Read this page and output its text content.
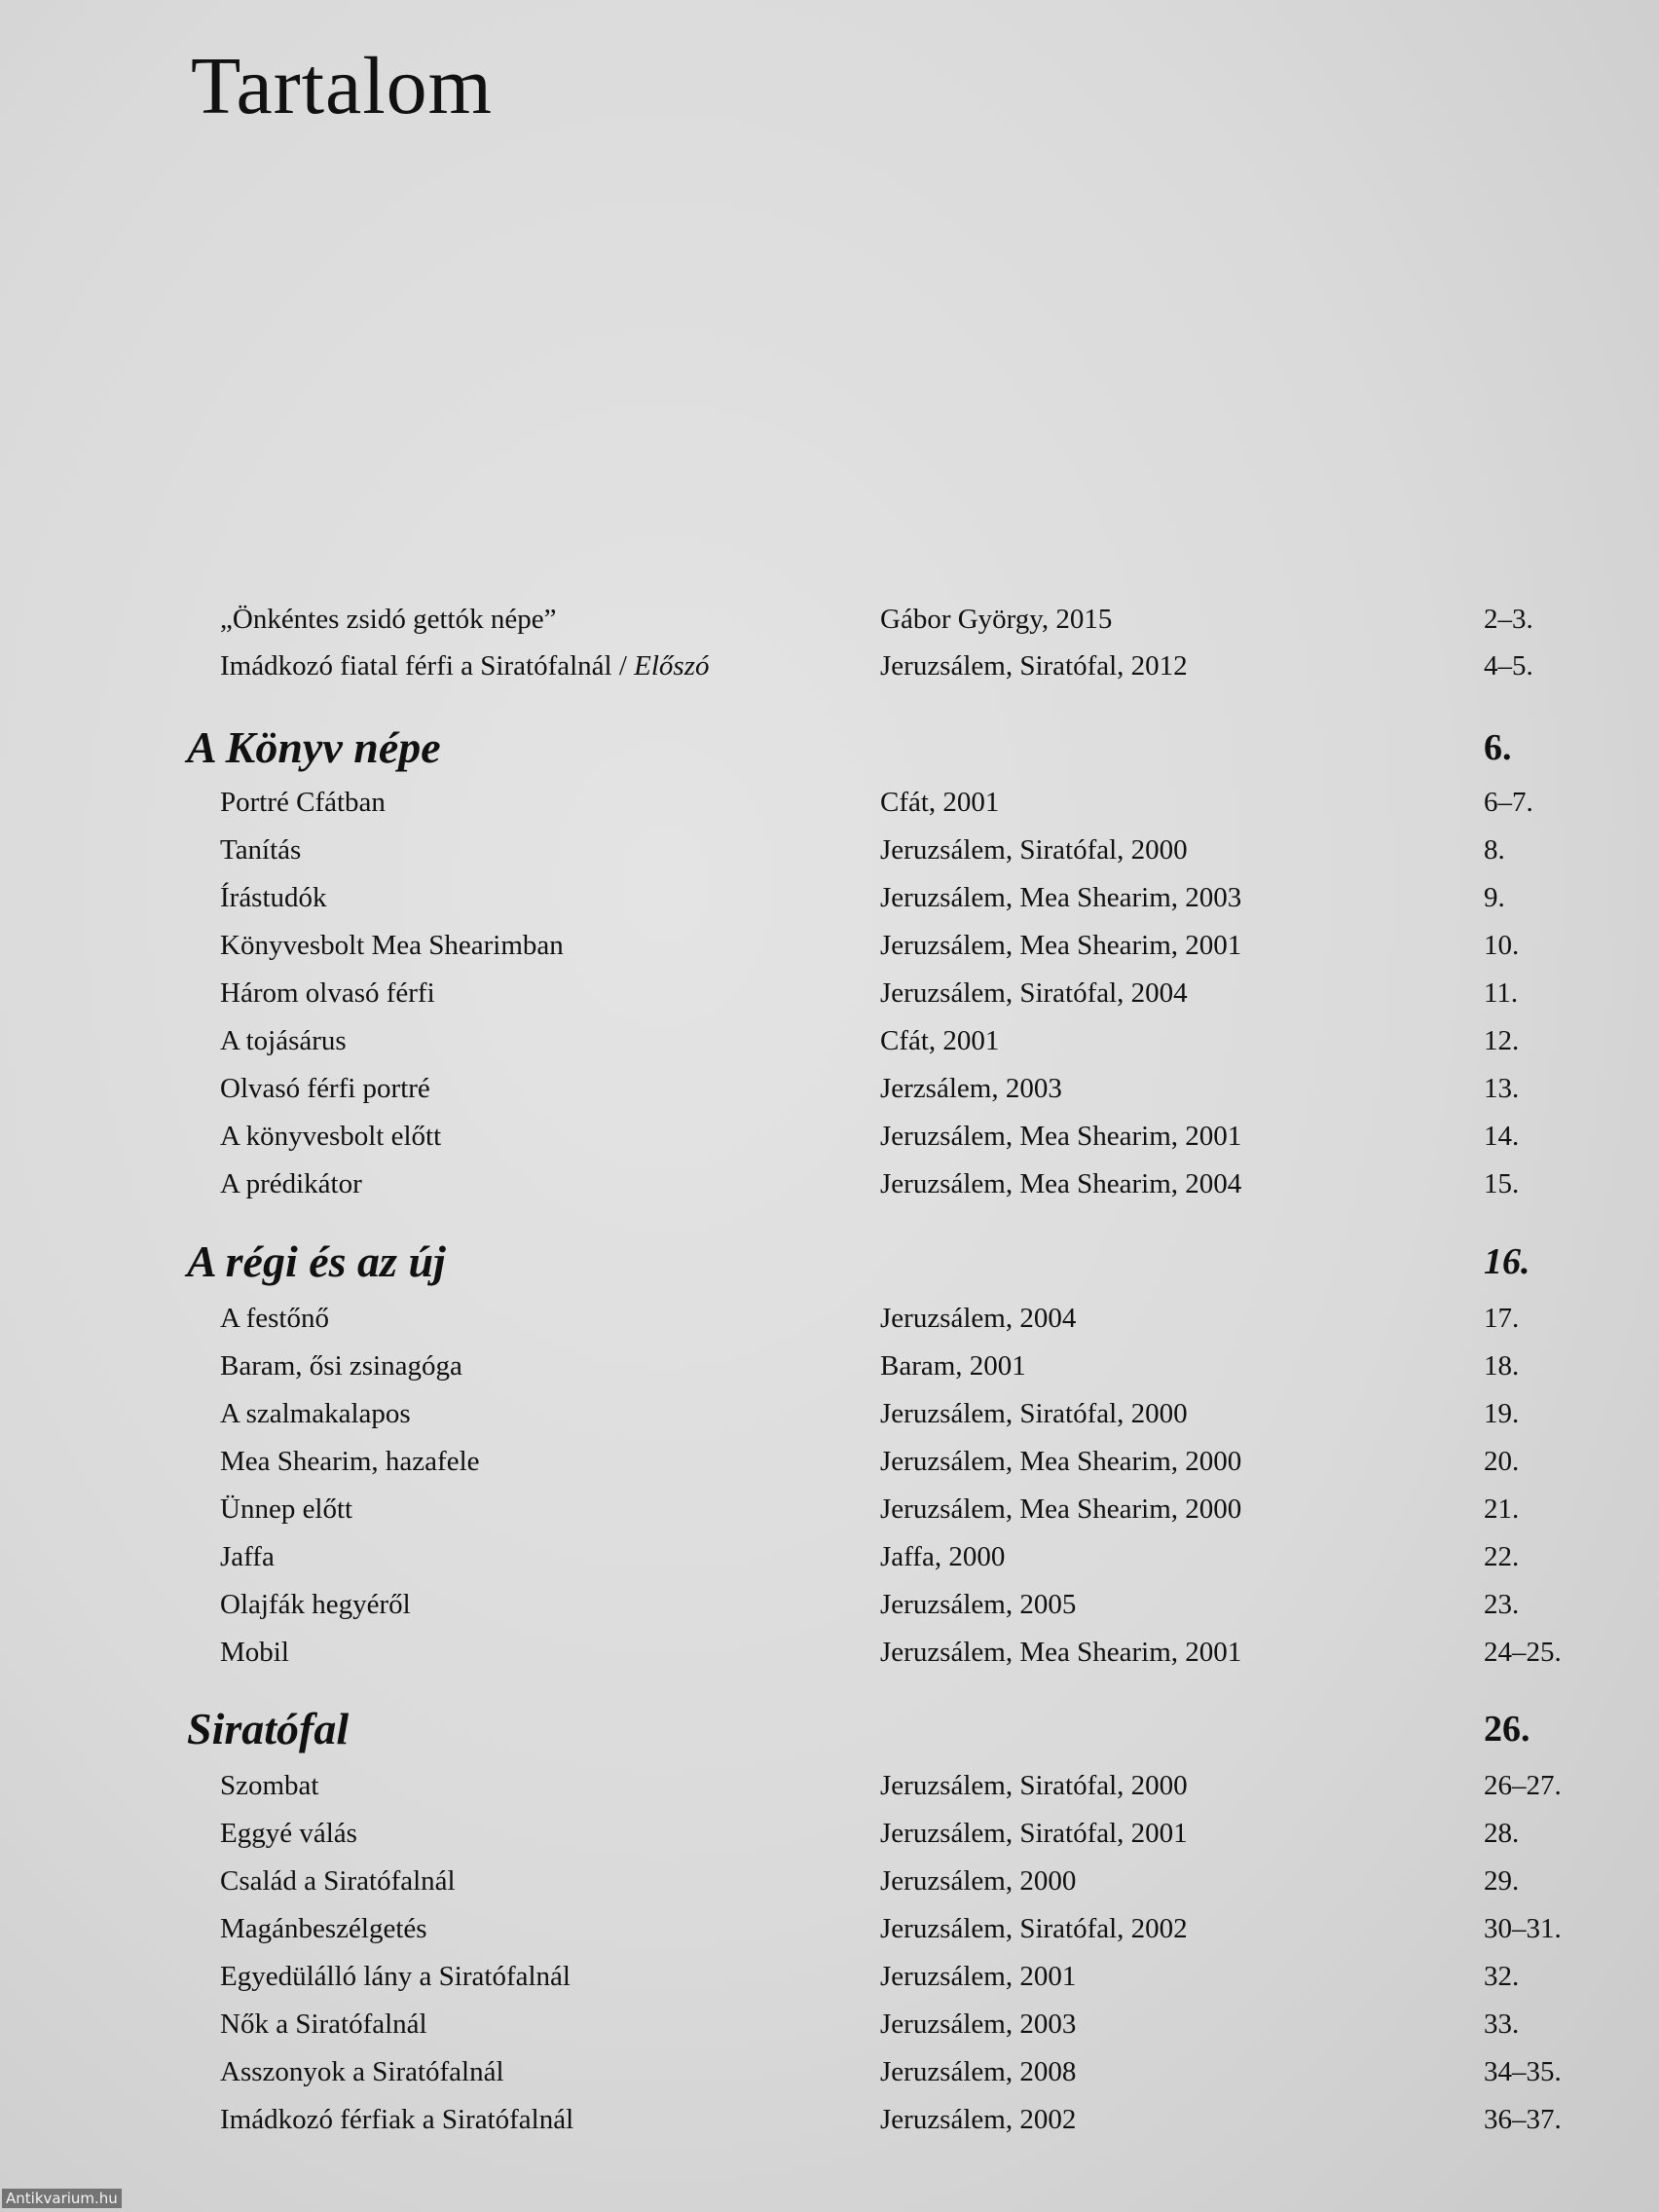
Tartalom
„Önkéntes zsidó gettók népe”	Gábor György, 2015	2–3.
Imádkozó fiatal férfi a Siratófalnál / Előszó	Jeruzsálem, Siratófal, 2012	4–5.
A Könyv népe	6.
Portré Cfátban	Cfát, 2001	6–7.
Tanítás	Jeruzsálem, Siratófal, 2000	8.
Írástudók	Jeruzsálem, Mea Shearim, 2003	9.
Könyvesbolt Mea Shearimban	Jeruzsálem, Mea Shearim, 2001	10.
Három olvasó férfi	Jeruzsálem, Siratófal, 2004	11.
A tojásárus	Cfát, 2001	12.
Olvasó férfi portré	Jerzsálem, 2003	13.
A könyvesbolt előtt	Jeruzsálem, Mea Shearim, 2001	14.
A prédikátor	Jeruzsálem, Mea Shearim, 2004	15.
A régi és az új	16.
A festőnő	Jeruzsálem, 2004	17.
Baram, ősi zsinagóga	Baram, 2001	18.
A szalmakalapos	Jeruzsálem, Siratófal, 2000	19.
Mea Shearim, hazafele	Jeruzsálem, Mea Shearim, 2000	20.
Ünnep előtt	Jeruzsálem, Mea Shearim, 2000	21.
Jaffa	Jaffa, 2000	22.
Olajfák hegyéről	Jeruzsálem, 2005	23.
Mobil	Jeruzsálem, Mea Shearim, 2001	24–25.
Siratófal	26.
Szombat	Jeruzsálem, Siratófal, 2000	26–27.
Eggyé válás	Jeruzsálem, Siratófal, 2001	28.
Család a Siratófalnál	Jeruzsálem, 2000	29.
Magánbeszélgetés	Jeruzsálem, Siratófal, 2002	30–31.
Egyedülálló lány a Siratófalnál	Jeruzsálem, 2001	32.
Nők a Siratófalnál	Jeruzsálem, 2003	33.
Asszonyok a Siratófalnál	Jeruzsálem, 2008	34–35.
Imádkozó férfiak a Siratófalnál	Jeruzsálem, 2002	36–37.
Antikvarium.hu
